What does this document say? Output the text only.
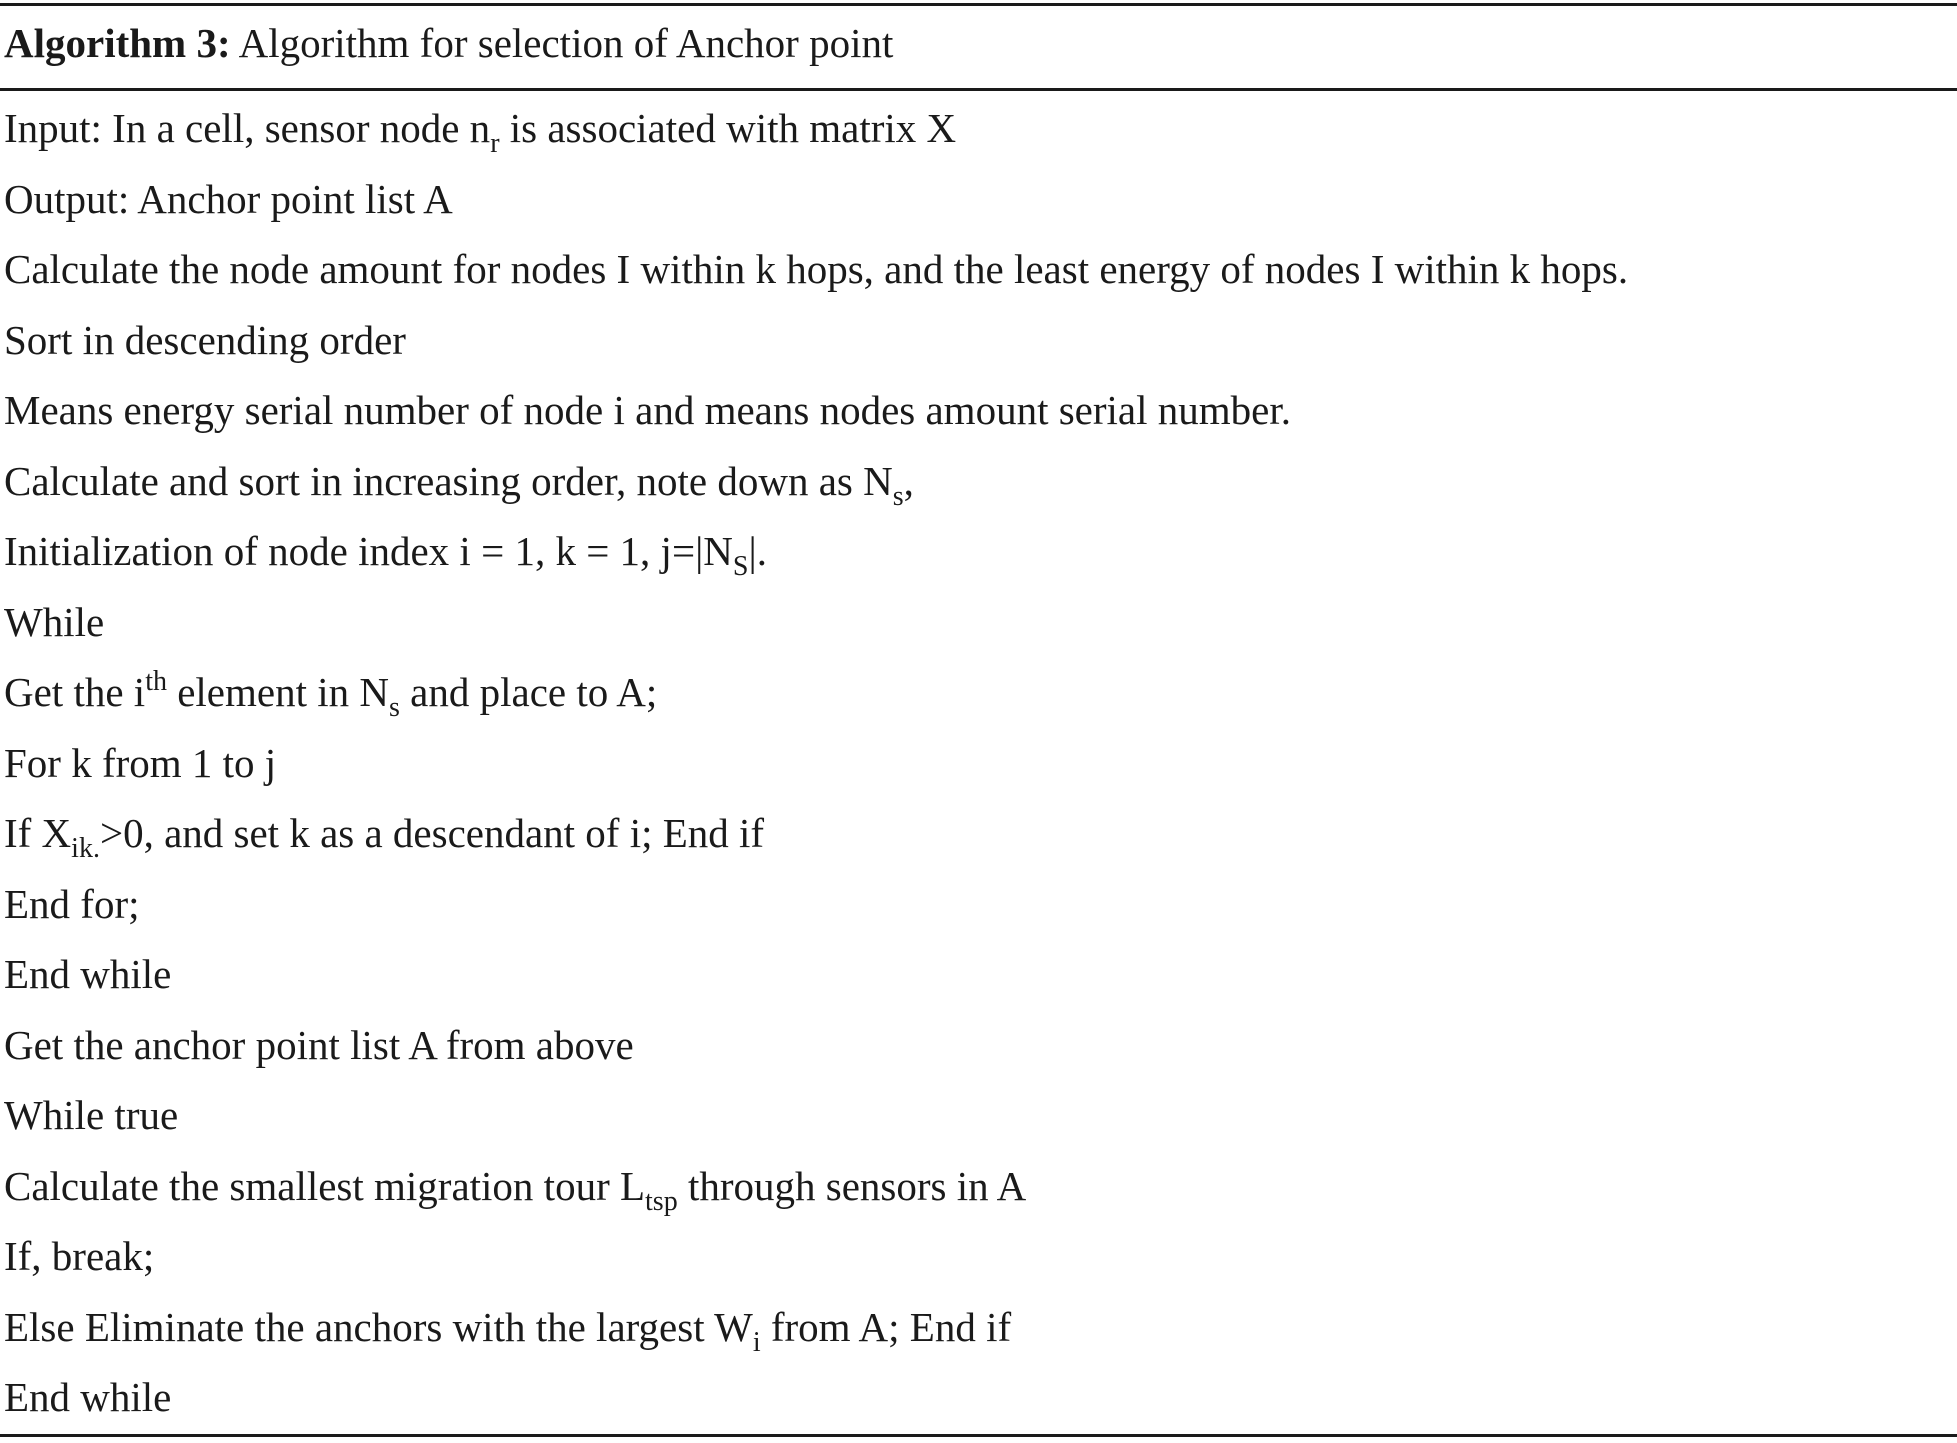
Algorithm 3: Algorithm for selection of Anchor point
Input: In a cell, sensor node $n_r$ is associated with matrix X
Output: Anchor point list A
Calculate the node amount for nodes I within k hops, and the least energy of nodes I within k hops.
Sort in descending order
Means energy serial number of node i and means nodes amount serial number.
Calculate and sort in increasing order, note down as $N_s$,
Initialization of node index i = 1, k = 1, $j=|N_S|$.
While
Get the $i^{th}$ element in $N_s$ and place to A;
For k from 1 to j
If $X_{ik.}>0$, and set k as a descendant of i; End if
End for;
End while
Get the anchor point list A from above
While true
Calculate the smallest migration tour $L_{tsp}$ through sensors in A
If, break;
Else Eliminate the anchors with the largest $W_i$ from A; End if
End while
